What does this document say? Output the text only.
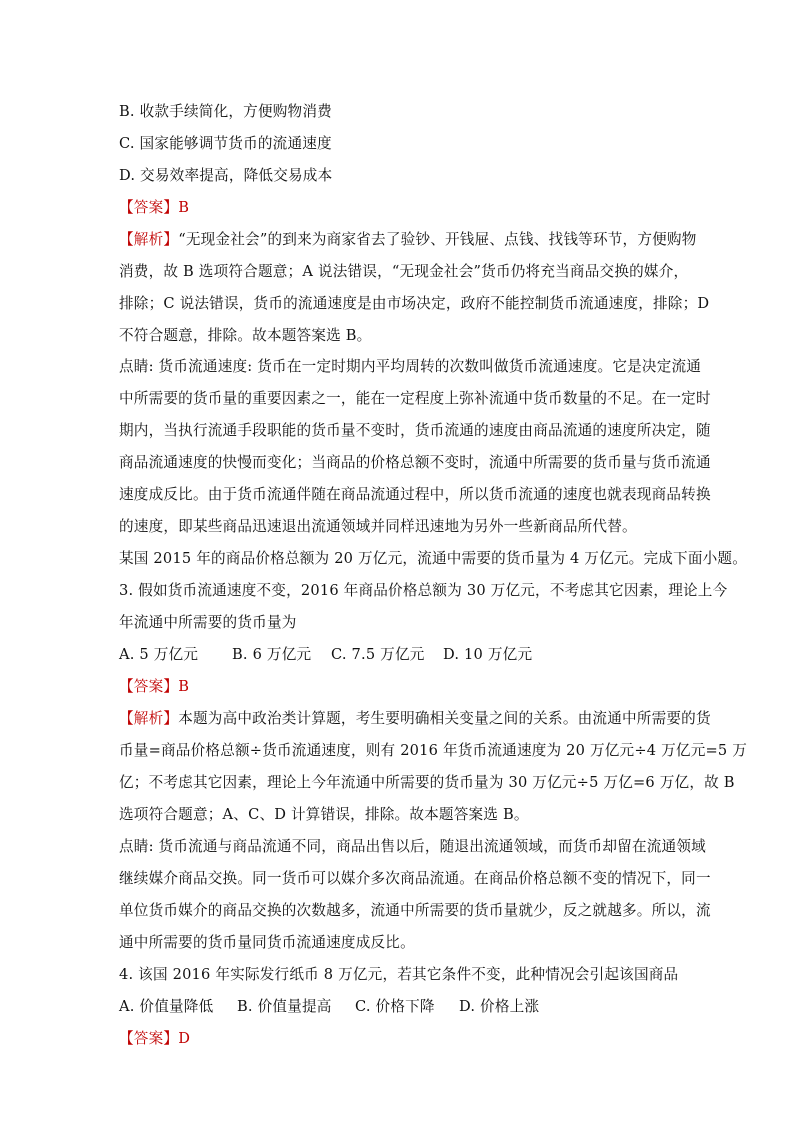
B. 收款手续简化，方便购物消费
C. 国家能够调节货币的流通速度
D. 交易效率提高，降低交易成本
【答案】B
【解析】“无现金社会”的到来为商家省去了验钞、开钱屉、点钱、找钱等环节，方便购物
消费，故 B 选项符合题意；A 说法错误，“无现金社会”货币仍将充当商品交换的媒介，
排除；C 说法错误，货币的流通速度是由市场决定，政府不能控制货币流通速度，排除；D
不符合题意，排除。故本题答案选 B。
点睛: 货币流通速度: 货币在一定时期内平均周转的次数叫做货币流通速度。它是决定流通
中所需要的货币量的重要因素之一，能在一定程度上弥补流通中货币数量的不足。在一定时
期内，当执行流通手段职能的货币量不变时，货币流通的速度由商品流通的速度所决定，随
商品流通速度的快慢而变化；当商品的价格总额不变时，流通中所需要的货币量与货币流通
速度成反比。由于货币流通伴随在商品流通过程中，所以货币流通的速度也就表现商品转换
的速度，即某些商品迅速退出流通领域并同样迅速地为另外一些新商品所代替。
某国 2015 年的商品价格总额为 20 万亿元，流通中需要的货币量为 4 万亿元。完成下面小题。
3. 假如货币流通速度不变，2016 年商品价格总额为 30 万亿元，不考虑其它因素，理论上今
年流通中所需要的货币量为
A. 5 万亿元 B. 6 万亿元 C. 7.5 万亿元 D. 10 万亿元
【答案】B
【解析】本题为高中政治类计算题，考生要明确相关变量之间的关系。由流通中所需要的货
币量=商品价格总额÷货币流通速度，则有 2016 年货币流通速度为 20 万亿元÷4 万亿元=5 万
亿；不考虑其它因素，理论上今年流通中所需要的货币量为 30 万亿元÷5 万亿=6 万亿，故 B
选项符合题意；A、C、D 计算错误，排除。故本题答案选 B。
点睛: 货币流通与商品流通不同，商品出售以后，随退出流通领域，而货币却留在流通领域
继续媒介商品交换。同一货币可以媒介多次商品流通。在商品价格总额不变的情况下，同一
单位货币媒介的商品交换的次数越多，流通中所需要的货币量就少，反之就越多。所以，流
通中所需要的货币量同货币流通速度成反比。
4. 该国 2016 年实际发行纸币 8 万亿元，若其它条件不变，此种情况会引起该国商品
A. 价值量降低 B. 价值量提高 C. 价格下降 D. 价格上涨
【答案】D
